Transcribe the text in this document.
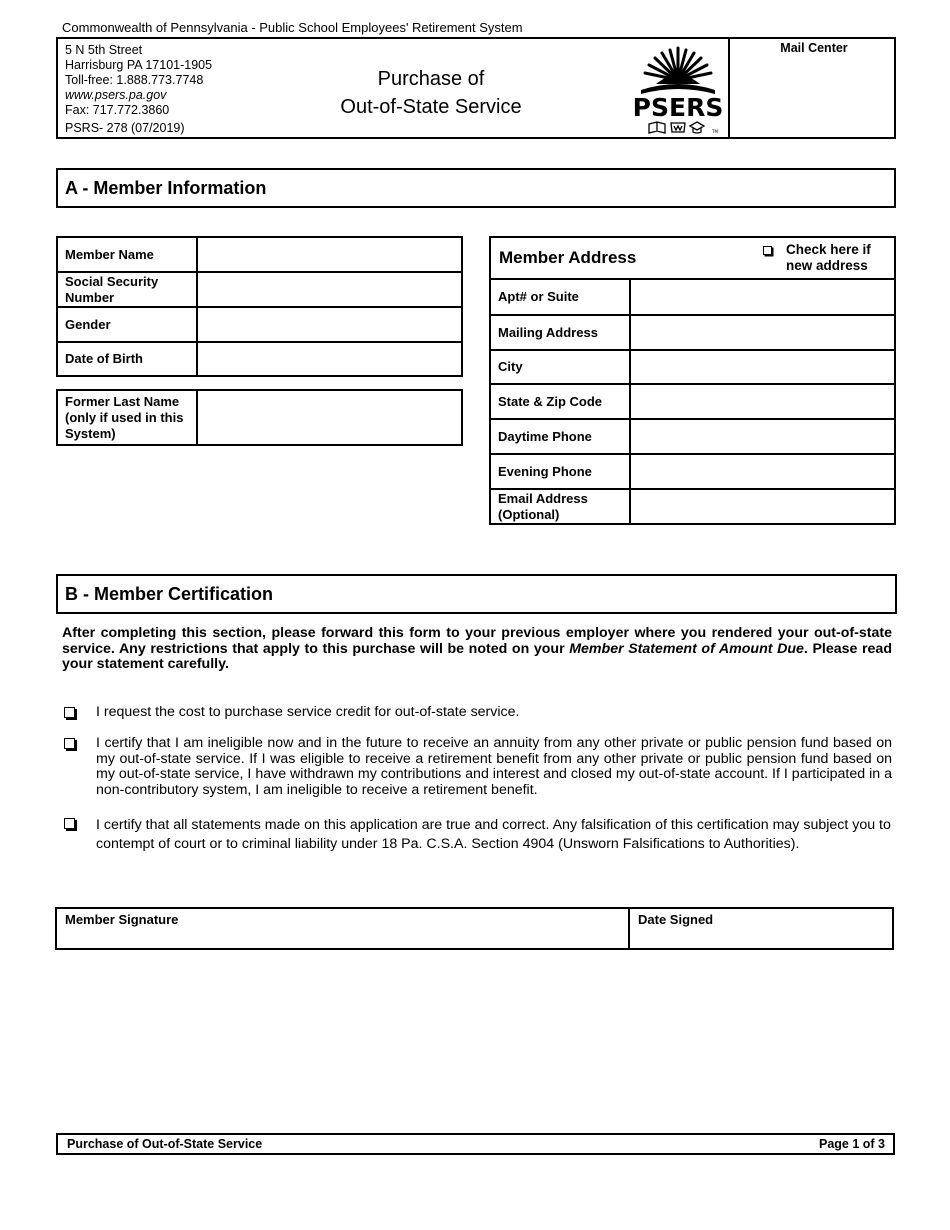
Commonwealth of Pennsylvania - Public School Employees' Retirement System
5 N 5th Street
Harrisburg PA 17101-1905
Toll-free: 1.888.773.7748
www.psers.pa.gov
Fax: 717.772.3860
PSRS- 278 (07/2019)
Purchase of
Out-of-State Service	PSERS
TM
Mail Center
A - Member Information
Member Name
Social Security Number
Gender
Date of Birth
Former Last Name (only if used in this System)
Member Address	Check here if new address
Apt# or Suite
Mailing Address
City
State & Zip Code
Daytime Phone
Evening Phone
Email Address (Optional)
B - Member Certification
After completing this section, please forward this form to your previous employer where you rendered your out-of-state service. Any restrictions that apply to this purchase will be noted on your Member Statement of Amount Due. Please read your statement carefully.
I request the cost to purchase service credit for out-of-state service.
I certify that I am ineligible now and in the future to receive an annuity from any other private or public pension fund based on my out-of-state service. If I was eligible to receive a retirement benefit from any other private or public pension fund based on my out-of-state service, I have withdrawn my contributions and interest and closed my out-of-state account. If I participated in a non-contributory system, I am ineligible to receive a retirement benefit.
I certify that all statements made on this application are true and correct. Any falsification of this certification may subject you to contempt of court or to criminal liability under 18 Pa. C.S.A. Section 4904 (Unsworn Falsifications to Authorities).
Member Signature	Date Signed
Purchase of Out-of-State Service	Page 1 of 3
